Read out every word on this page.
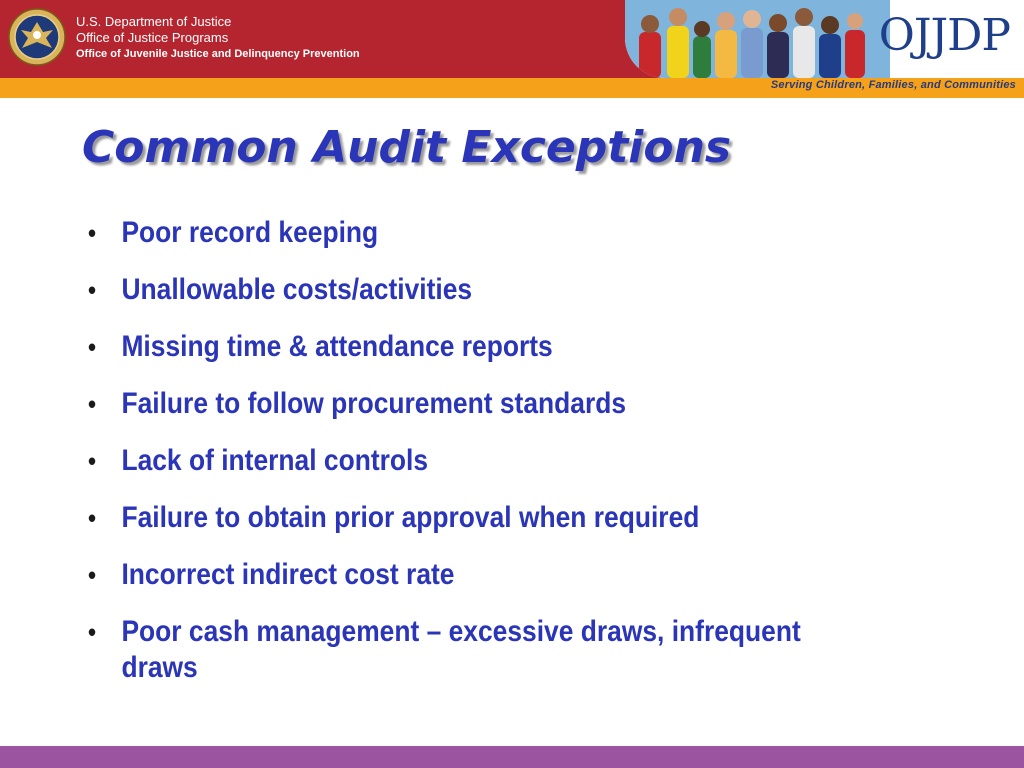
U.S. Department of Justice
Office of Justice Programs
Office of Juvenile Justice and Delinquency Prevention	OJJDP
Serving Children, Families, and Communities
Common Audit Exceptions
• Poor record keeping
• Unallowable costs/activities
• Missing time & attendance reports
• Failure to follow procurement standards
• Lack of internal controls
• Failure to obtain prior approval when required
• Incorrect indirect cost rate
• Poor cash management – excessive draws, infrequent draws
